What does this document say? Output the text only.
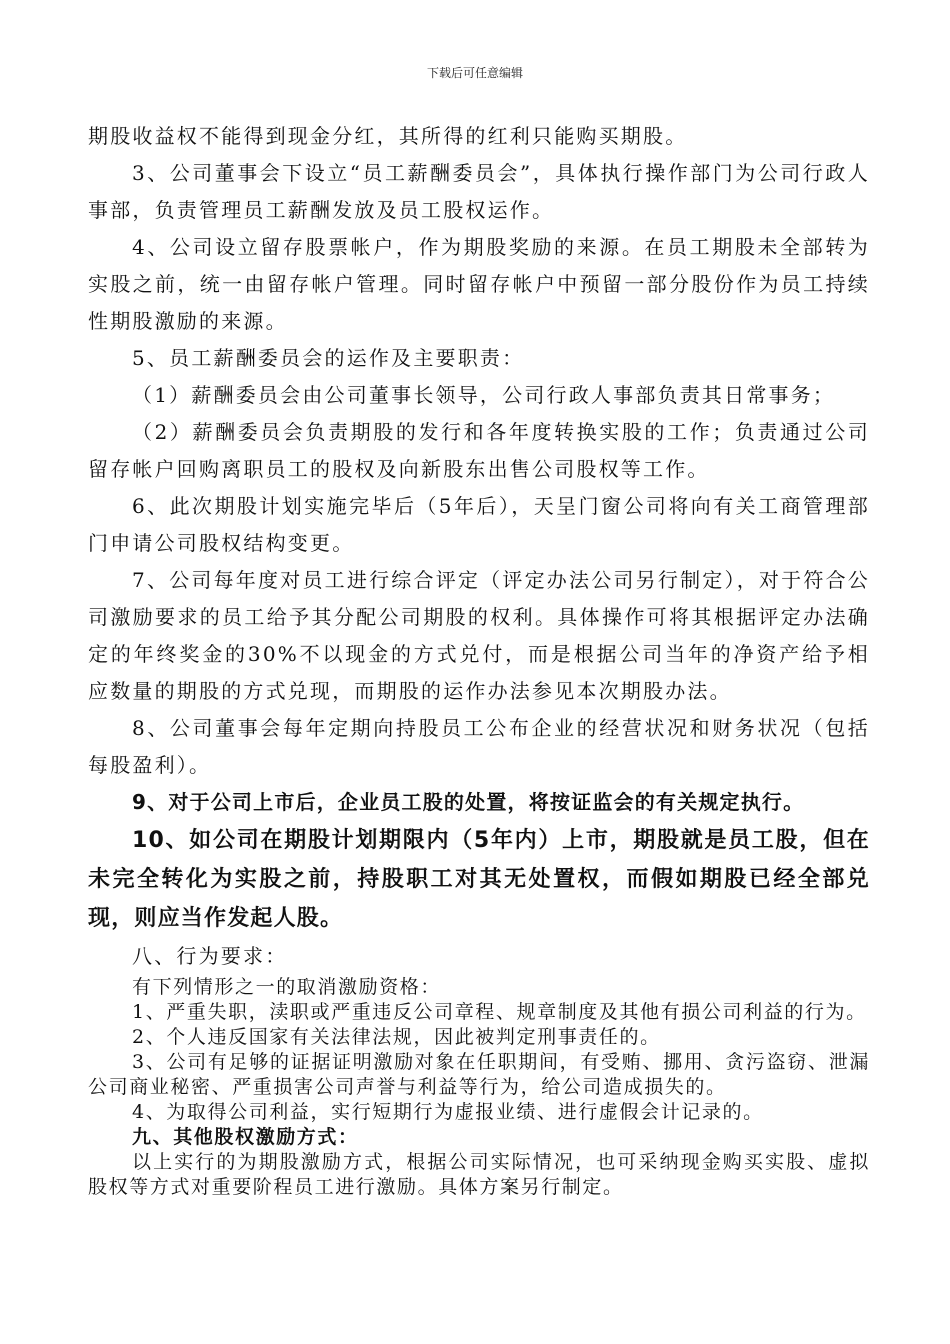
下载后可任意编辑

期股收益权不能得到现金分红，其所得的红利只能购买期股。

3、公司董事会下设立“员工薪酬委员会”，具体执行操作部门为公司行政人事部，负责管理员工薪酬发放及员工股权运作。

4、公司设立留存股票帐户，作为期股奖励的来源。在员工期股未全部转为实股之前，统一由留存帐户管理。同时留存帐户中预留一部分股份作为员工持续性期股激励的来源。

5、员工薪酬委员会的运作及主要职责：

（1）薪酬委员会由公司董事长领导，公司行政人事部负责其日常事务；

（2）薪酬委员会负责期股的发行和各年度转换实股的工作；负责通过公司留存帐户回购离职员工的股权及向新股东出售公司股权等工作。

6、此次期股计划实施完毕后（5年后），天呈门窗公司将向有关工商管理部门申请公司股权结构变更。

7、公司每年度对员工进行综合评定（评定办法公司另行制定），对于符合公司激励要求的员工给予其分配公司期股的权利。具体操作可将其根据评定办法确定的年终奖金的30%不以现金的方式兑付，而是根据公司当年的净资产给予相应数量的期股的方式兑现，而期股的运作办法参见本次期股办法。

8、公司董事会每年定期向持股员工公布企业的经营状况和财务状况（包括每股盈利）。

9、对于公司上市后，企业员工股的处置，将按证监会的有关规定执行。

10、如公司在期股计划期限内（5年内）上市，期股就是员工股，但在未完全转化为实股之前，持股职工对其无处置权，而假如期股已经全部兑现，则应当作发起人股。

八、行为要求：

有下列情形之一的取消激励资格：

1、严重失职，渎职或严重违反公司章程、规章制度及其他有损公司利益的行为。

2、个人违反国家有关法律法规，因此被判定刑事责任的。

3、公司有足够的证据证明激励对象在任职期间，有受贿、挪用、贪污盗窃、泄漏公司商业秘密、严重损害公司声誉与利益等行为，给公司造成损失的。

4、为取得公司利益，实行短期行为虚报业绩、进行虚假会计记录的。

九、其他股权激励方式：

以上实行的为期股激励方式，根据公司实际情况，也可采纳现金购买实股、虚拟股权等方式对重要阶程员工进行激励。具体方案另行制定。
